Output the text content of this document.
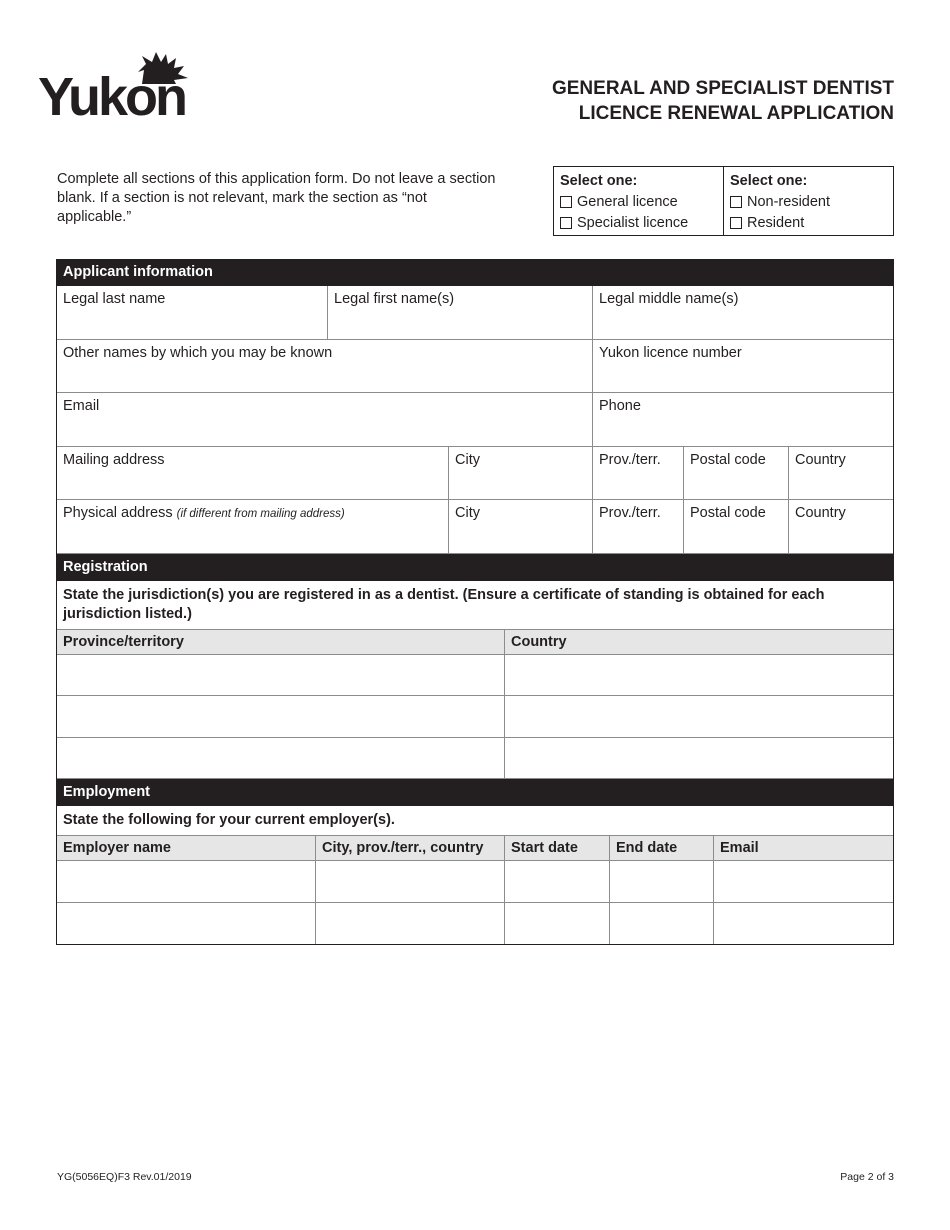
Yukon	GENERAL AND SPECIALIST DENTIST
LICENCE RENEWAL APPLICATION
Complete all sections of this application form. Do not leave a section blank. If a section is not relevant, mark the section as “not applicable.”
Select one:
General licence
Specialist licence
Select one:
Non-resident
Resident
Applicant information
Legal last name	Legal first name(s)	Legal middle name(s)
Other names by which you may be known	Yukon licence number
Email	Phone
Mailing address	City	Prov./terr.	Postal code	Country
Physical address (if different from mailing address)	City	Prov./terr.	Postal code	Country
Registration
State the jurisdiction(s) you are registered in as a dentist. (Ensure a certificate of standing is obtained for each jurisdiction listed.)
Province/territory	Country
Employment
State the following for your current employer(s).
Employer name	City, prov./terr., country	Start date	End date	Email
YG(5056EQ)F3 Rev.01/2019	Page 2 of 3
